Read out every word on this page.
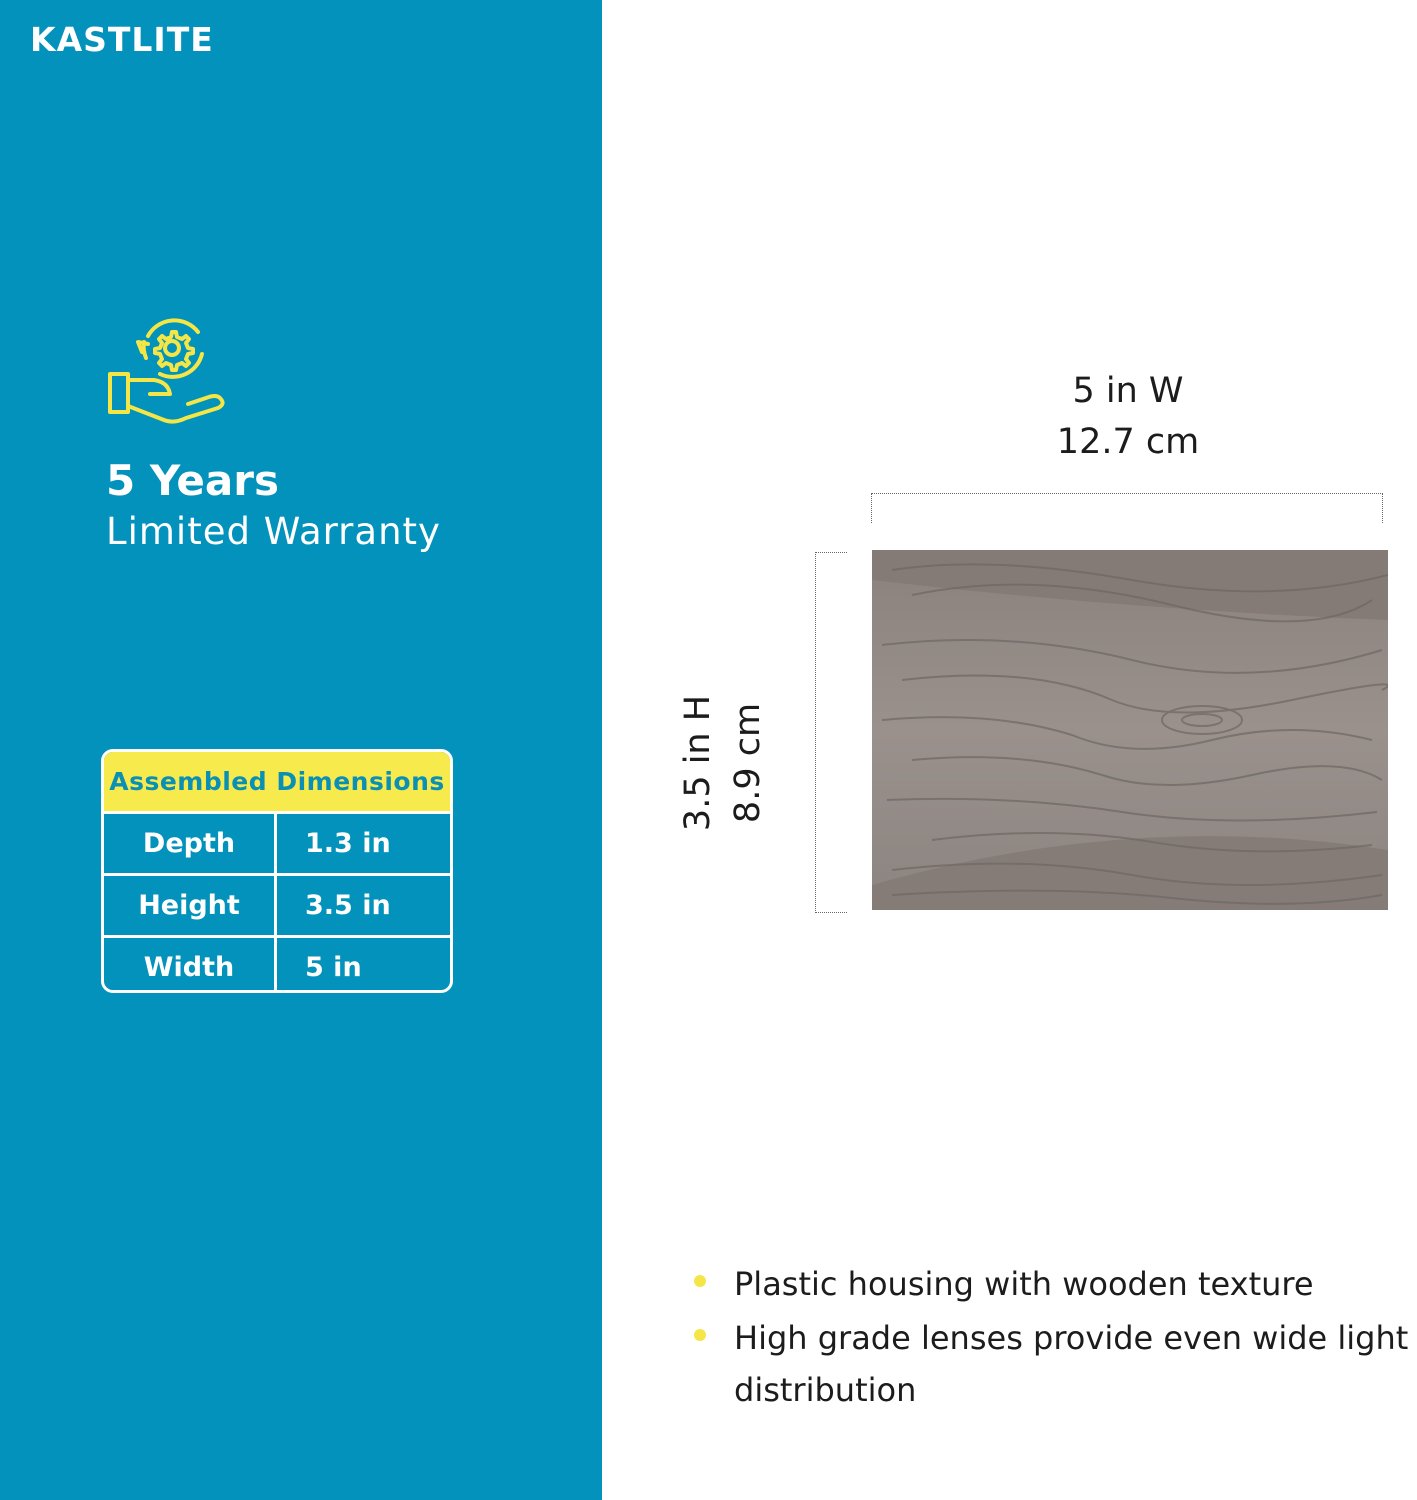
KASTLITE
5 Years
Limited Warranty
Assembled Dimensions
Depth	1.3 in
Height	3.5 in
Width	5 in
5 in W
12.7 cm
3.5 in H 8.9 cm
Plastic housing with wooden texture
High grade lenses provide even wide light distribution
